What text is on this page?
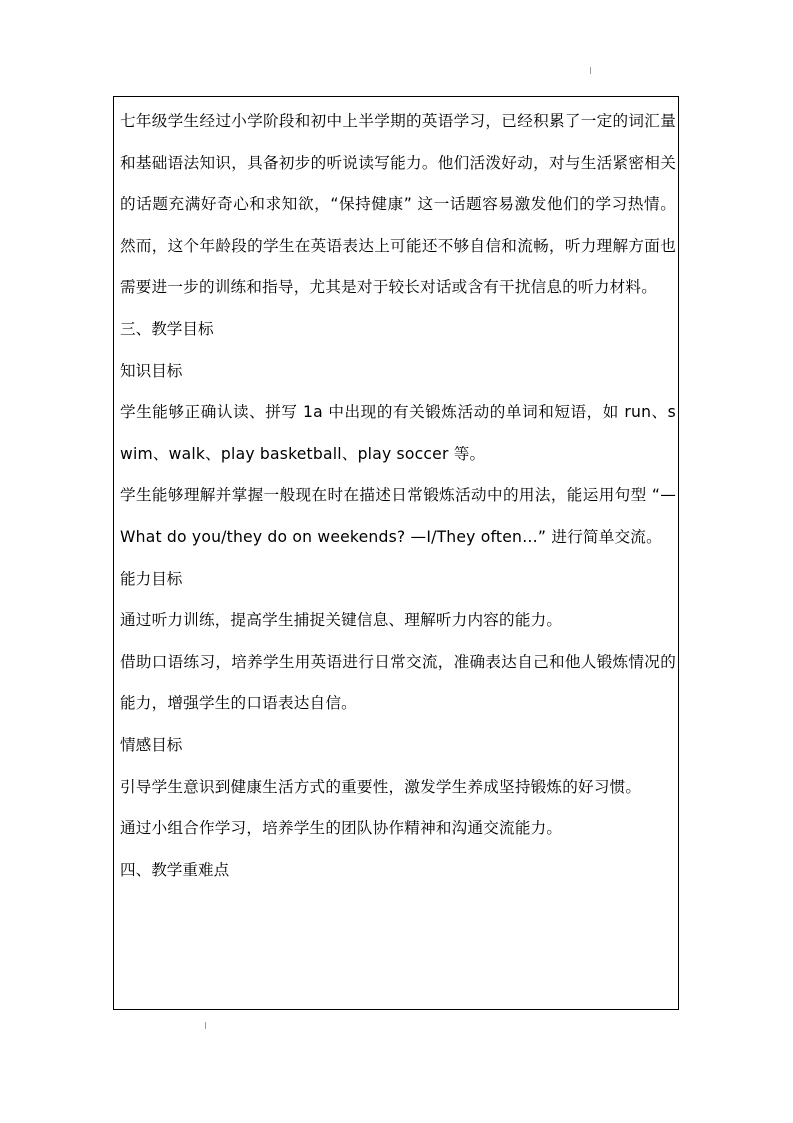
七年级学生经过小学阶段和初中上半学期的英语学习，已经积累了一定的词汇量和基础语法知识，具备初步的听说读写能力。他们活泼好动，对与生活紧密相关的话题充满好奇心和求知欲，“保持健康” 这一话题容易激发他们的学习热情。然而，这个年龄段的学生在英语表达上可能还不够自信和流畅，听力理解方面也需要进一步的训练和指导，尤其是对于较长对话或含有干扰信息的听力材料。

三、教学目标

知识目标

学生能够正确认读、拼写 1a 中出现的有关锻炼活动的单词和短语，如 run、swim、walk、play basketball、play soccer 等。

学生能够理解并掌握一般现在时在描述日常锻炼活动中的用法，能运用句型 “—What do you/they do on weekends? —I/They often…” 进行简单交流。

能力目标

通过听力训练，提高学生捕捉关键信息、理解听力内容的能力。

借助口语练习，培养学生用英语进行日常交流，准确表达自己和他人锻炼情况的能力，增强学生的口语表达自信。

情感目标

引导学生意识到健康生活方式的重要性，激发学生养成坚持锻炼的好习惯。

通过小组合作学习，培养学生的团队协作精神和沟通交流能力。

四、教学重难点
